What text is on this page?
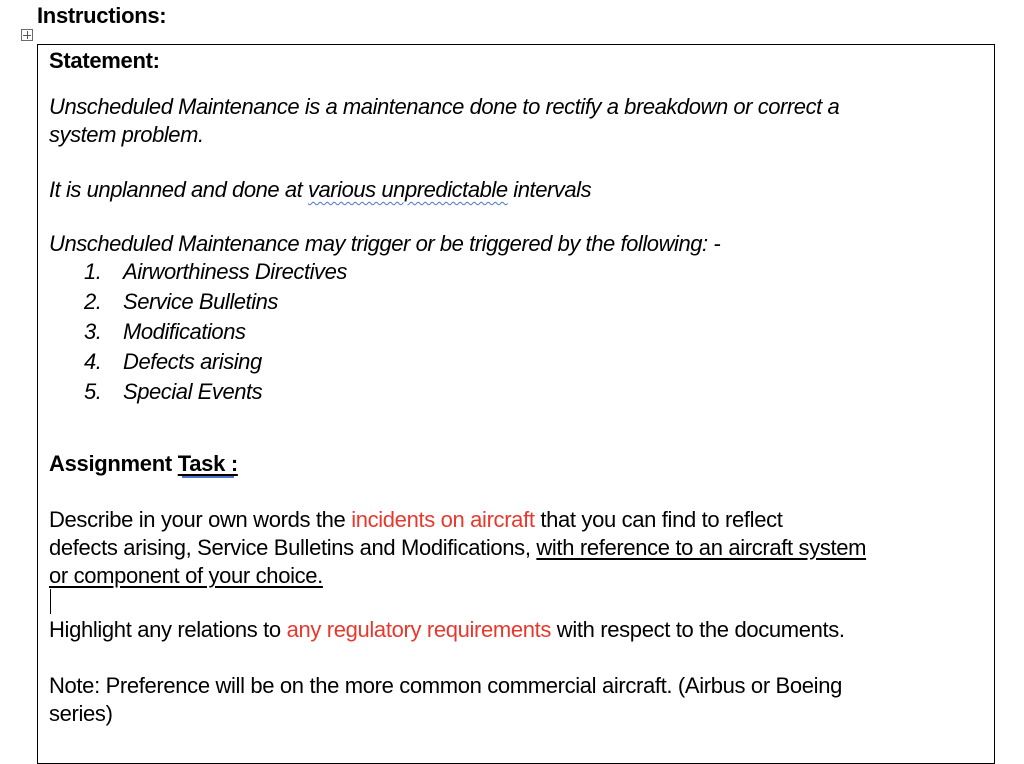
Instructions:

Statement:

Unscheduled Maintenance is a maintenance done to rectify a breakdown or correct a
system problem.

It is unplanned and done at various unpredictable intervals

Unscheduled Maintenance may trigger or be triggered by the following: -

1. Airworthiness Directives
2. Service Bulletins
3. Modifications
4. Defects arising
5. Special Events

Assignment Task :

Describe in your own words the incidents on aircraft that you can find to reflect
defects arising, Service Bulletins and Modifications, with reference to an aircraft system
or component of your choice.

Highlight any relations to any regulatory requirements with respect to the documents.

Note: Preference will be on the more common commercial aircraft. (Airbus or Boeing
series)
